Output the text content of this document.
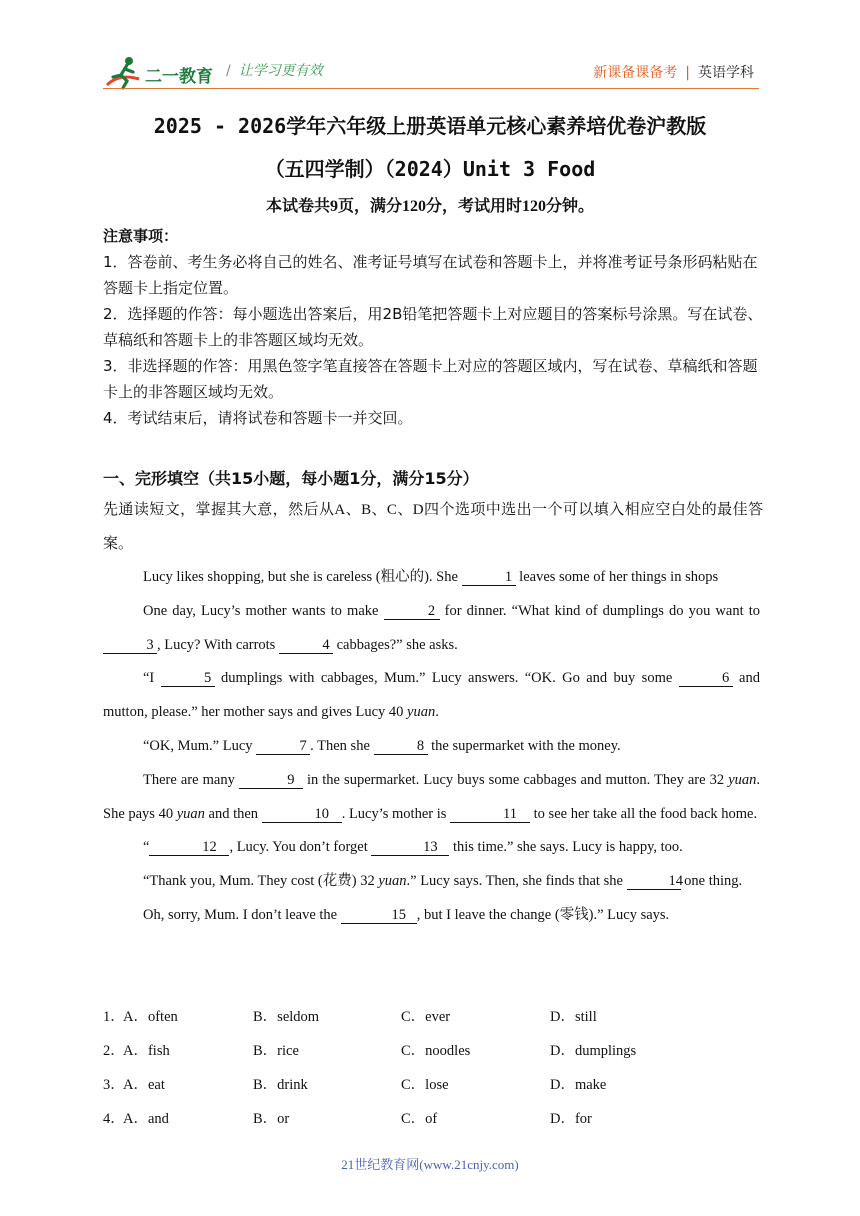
二一教育 / 让学习更有效	新课备课备考 | 英语学科
2025 - 2026学年六年级上册英语单元核心素养培优卷沪教版
（五四学制）（2024）Unit 3 Food
本试卷共9页，满分120分，考试用时120分钟。

注意事项：

1．答卷前、考生务必将自己的姓名、准考证号填写在试卷和答题卡上，并将准考证号条形码粘贴在答题卡上指定位置。

2．选择题的作答：每小题选出答案后，用2B铅笔把答题卡上对应题目的答案标号涂黑。写在试卷、草稿纸和答题卡上的非答题区域均无效。

3．非选择题的作答：用黑色签字笔直接答在答题卡上对应的答题区域内，写在试卷、草稿纸和答题卡上的非答题区域均无效。

4．考试结束后，请将试卷和答题卡一并交回。

一、完形填空（共15小题，每小题1分，满分15分）
先通读短文，掌握其大意，然后从A、B、C、D四个选项中选出一个可以填入相应空白处的最佳答案。

Lucy likes shopping, but she is careless (粗心的). She	1 leaves some of her things in shops

One day, Lucy’s mother wants to make	2 for dinner. “What kind of dumplings do you want to 3 , Lucy? With carrots	4 cabbages?” she asks.

“I	5 dumplings with cabbages, Mum.” Lucy answers. “OK. Go and buy some	6 and mutton, please.” her mother says and gives Lucy 40 yuan.

“OK, Mum.” Lucy	7 . Then she	8 the supermarket with the money.

There are many	9 in the supermarket. Lucy buys some cabbages and mutton. They are 32 yuan. She pays 40 yuan and then	10 . Lucy’s mother is	11 to see her take all the food back home.

“	12 , Lucy. You don’t forget	13 this time.” she says. Lucy is happy, too.

“Thank you, Mum. They cost (花费) 32 yuan.” Lucy says. Then, she finds that she	14 one thing.

Oh, sorry, Mum. I don’t leave the	15 , but I leave the change (零钱).” Lucy says.

1．
A．often	B．seldom	C．ever	D．still
2．
A．fish	B．rice	C．noodles	D．dumplings
3．
A．eat	B．drink	C．lose	D．make
4．
A．and	B．or	C．of	D．for
21世纪教育网(www.21cnjy.com)
